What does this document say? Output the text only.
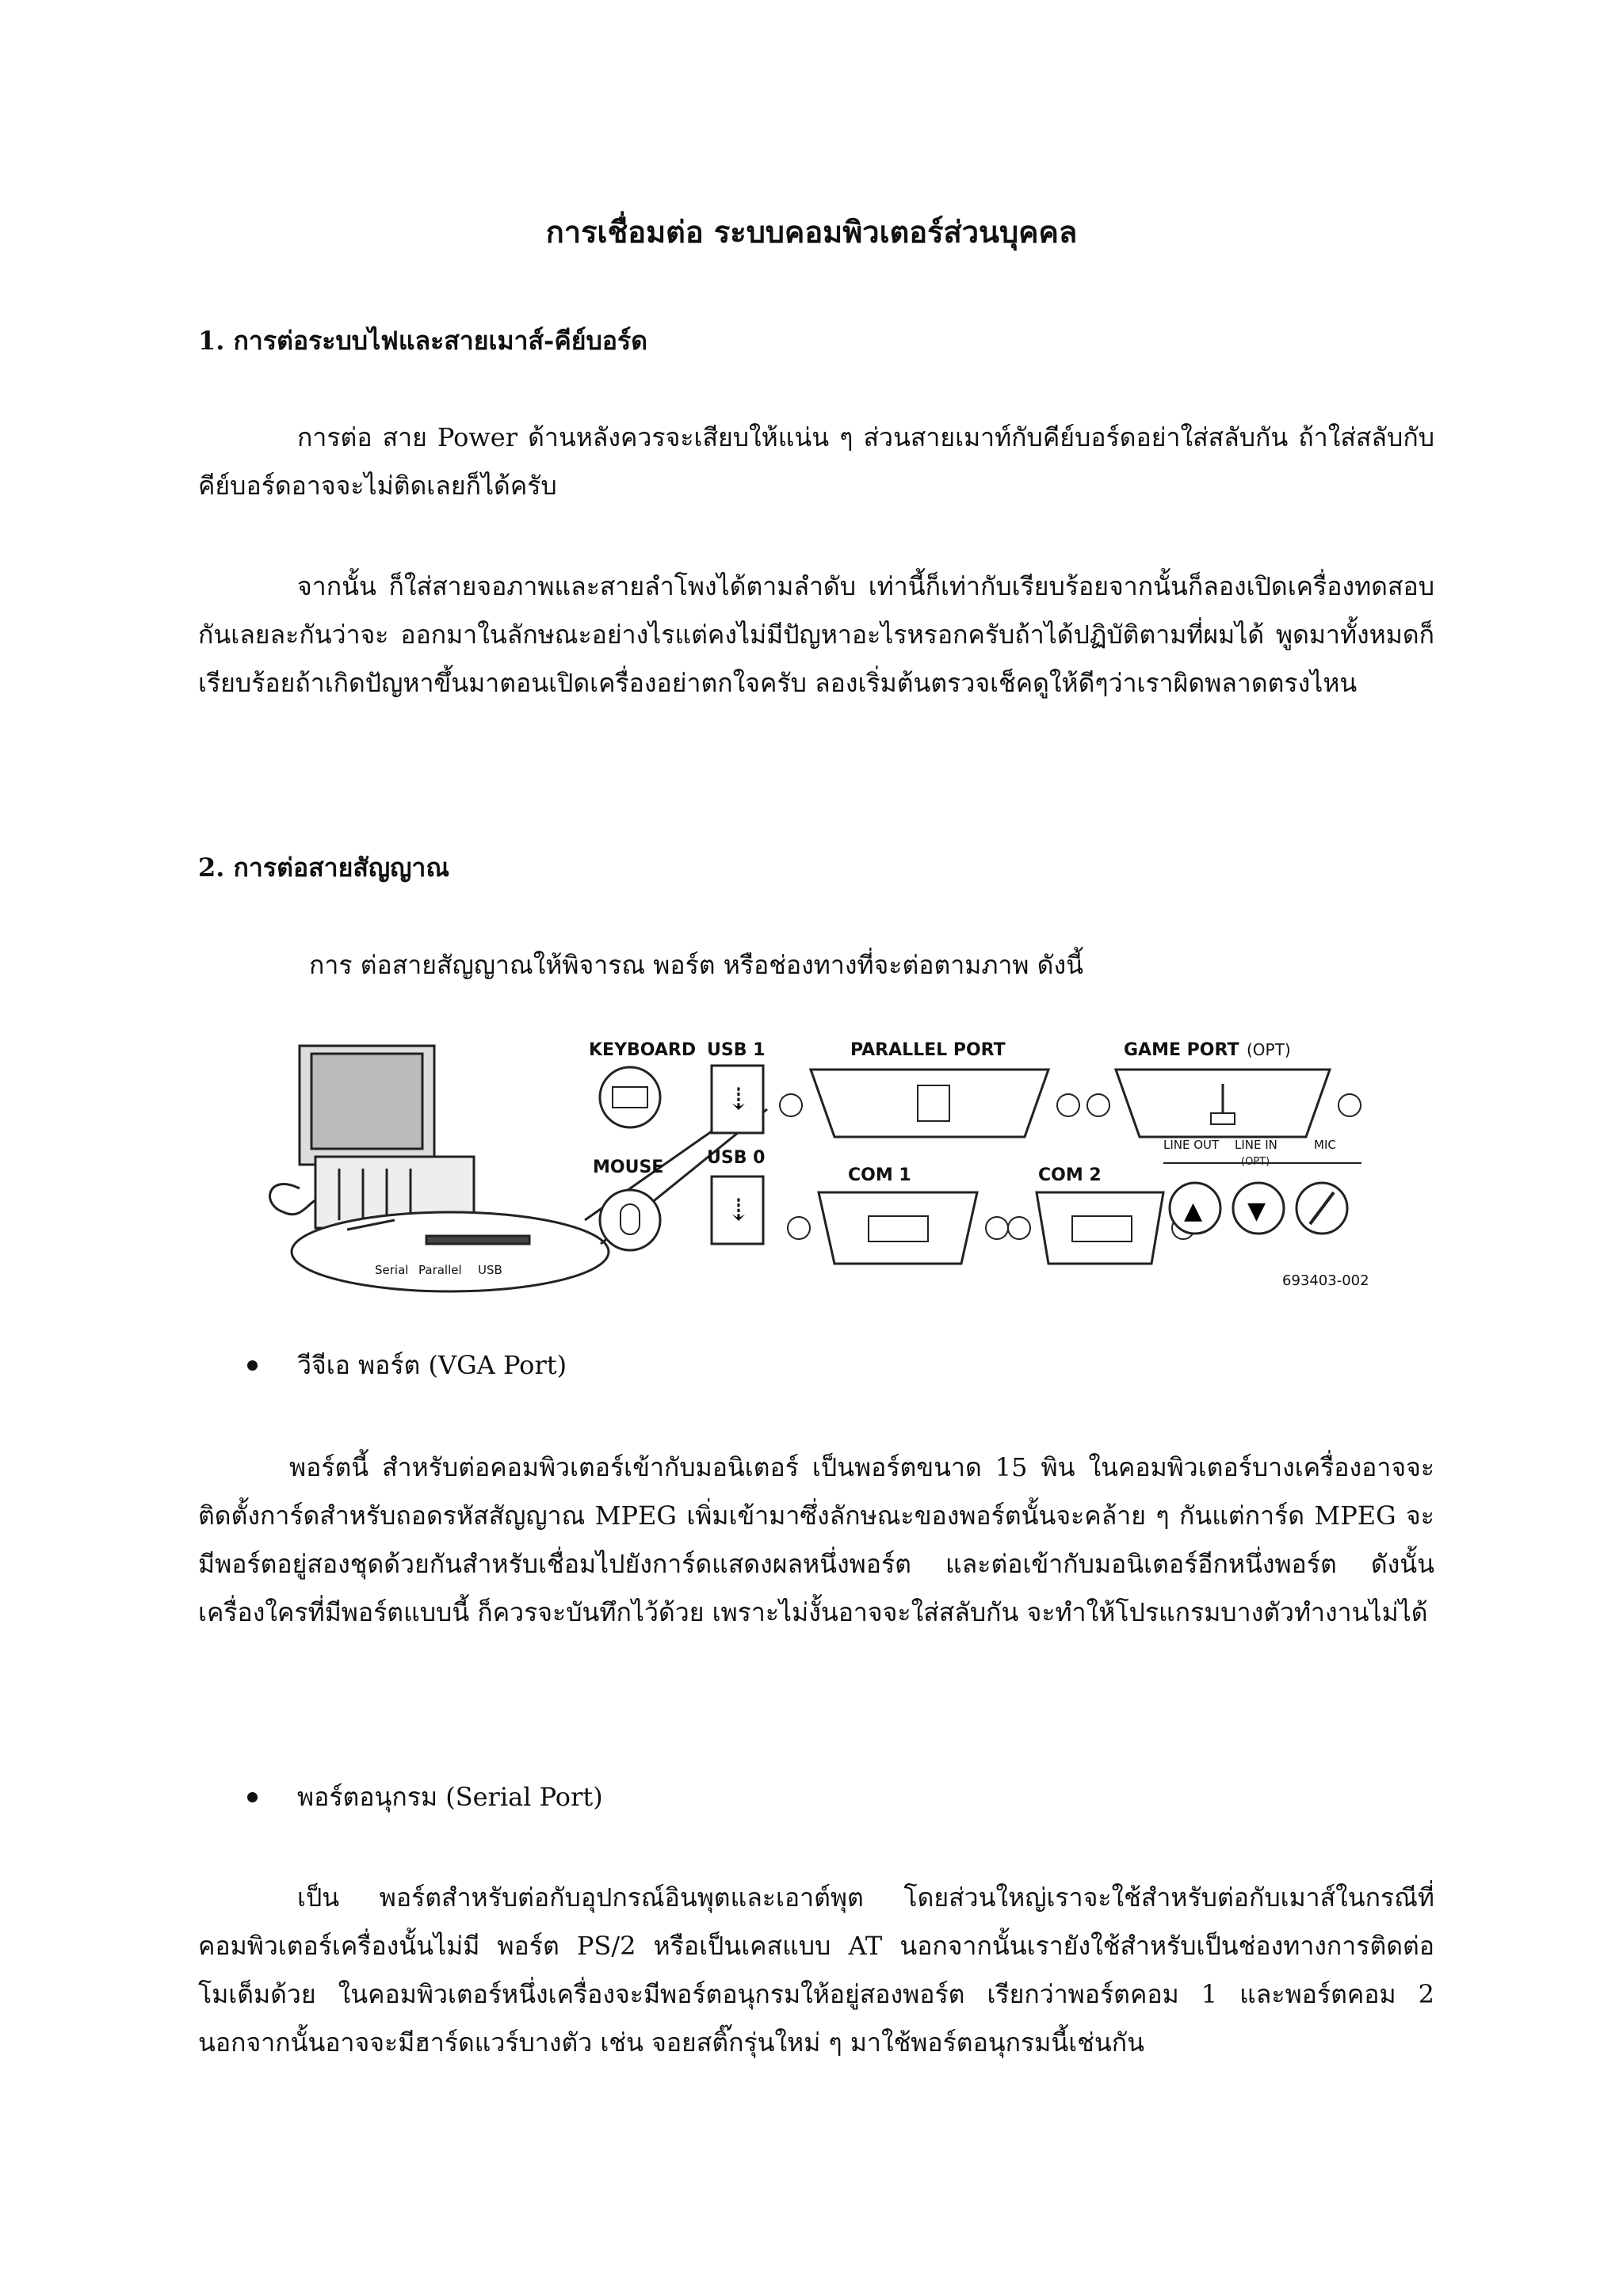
การเชื่อมต่อ ระบบคอมพิวเตอร์ส่วนบุคคล
1. การต่อระบบไฟและสายเมาส์-คีย์บอร์ด

การต่อ สาย Power ด้านหลังควรจะเสียบให้แน่น ๆ ส่วนสายเมาท์กับคีย์บอร์ดอย่าใส่สลับกัน ถ้าใส่สลับกับคีย์บอร์ดอาจจะไม่ติดเลยก็ได้ครับ

จากนั้น ก็ใส่สายจอภาพและสายลำโพงได้ตามลำดับ เท่านี้ก็เท่ากับเรียบร้อยจากนั้นก็ลองเปิดเครื่องทดสอบกันเลยละกันว่าจะ ออกมาในลักษณะอย่างไรแต่คงไม่มีปัญหาอะไรหรอกครับถ้าได้ปฏิบัติตามที่ผมได้ พูดมาทั้งหมดก็เรียบร้อยถ้าเกิดปัญหาขึ้นมาตอนเปิดเครื่องอย่าตกใจครับ ลองเริ่มต้นตรวจเช็คดูให้ดีๆว่าเราผิดพลาดตรงไหน

2. การต่อสายสัญญาณ

การ ต่อสายสัญญาณให้พิจารณ พอร์ต หรือช่องทางที่จะต่อตามภาพ ดังนี้

Serial Parallel USB
KEYBOARD
MOUSE
USB 1
⇣
USB 0
⇣
PARALLEL PORT	GAME PORT (OPT)
COM 1	COM 2
LINE OUT LINE IN
(OPT)
MIC
▲ ▼
693403-002
วีจีเอ พอร์ต (VGA Port)

พอร์ตนี้ สำหรับต่อคอมพิวเตอร์เข้ากับมอนิเตอร์ เป็นพอร์ตขนาด 15 พิน ในคอมพิวเตอร์บางเครื่องอาจจะติดตั้งการ์ดสำหรับถอดรหัสสัญญาณ MPEG เพิ่มเข้ามาซึ่งลักษณะของพอร์ตนั้นจะคล้าย ๆ กันแต่การ์ด MPEG จะมีพอร์ตอยู่สองชุดด้วยกันสำหรับเชื่อมไปยังการ์ดแสดงผลหนึ่งพอร์ต และต่อเข้ากับมอนิเตอร์อีกหนึ่งพอร์ต ดังนั้นเครื่องใครที่มีพอร์ตแบบนี้ ก็ควรจะบันทึกไว้ด้วย เพราะไม่งั้นอาจจะใส่สลับกัน จะทำให้โปรแกรมบางตัวทำงานไม่ได้

พอร์ตอนุกรม (Serial Port)

เป็น พอร์ตสำหรับต่อกับอุปกรณ์อินพุตและเอาต์พุต โดยส่วนใหญ่เราจะใช้สำหรับต่อกับเมาส์ในกรณีที่คอมพิวเตอร์เครื่องนั้นไม่มี พอร์ต PS/2 หรือเป็นเคสแบบ AT นอกจากนั้นเรายังใช้สำหรับเป็นช่องทางการติดต่อโมเด็มด้วย ในคอมพิวเตอร์หนึ่งเครื่องจะมีพอร์ตอนุกรมให้อยู่สองพอร์ต เรียกว่าพอร์ตคอม 1 และพอร์ตคอม 2 นอกจากนั้นอาจจะมีฮาร์ดแวร์บางตัว เช่น จอยสติ๊กรุ่นใหม่ ๆ มาใช้พอร์ตอนุกรมนี้เช่นกัน
